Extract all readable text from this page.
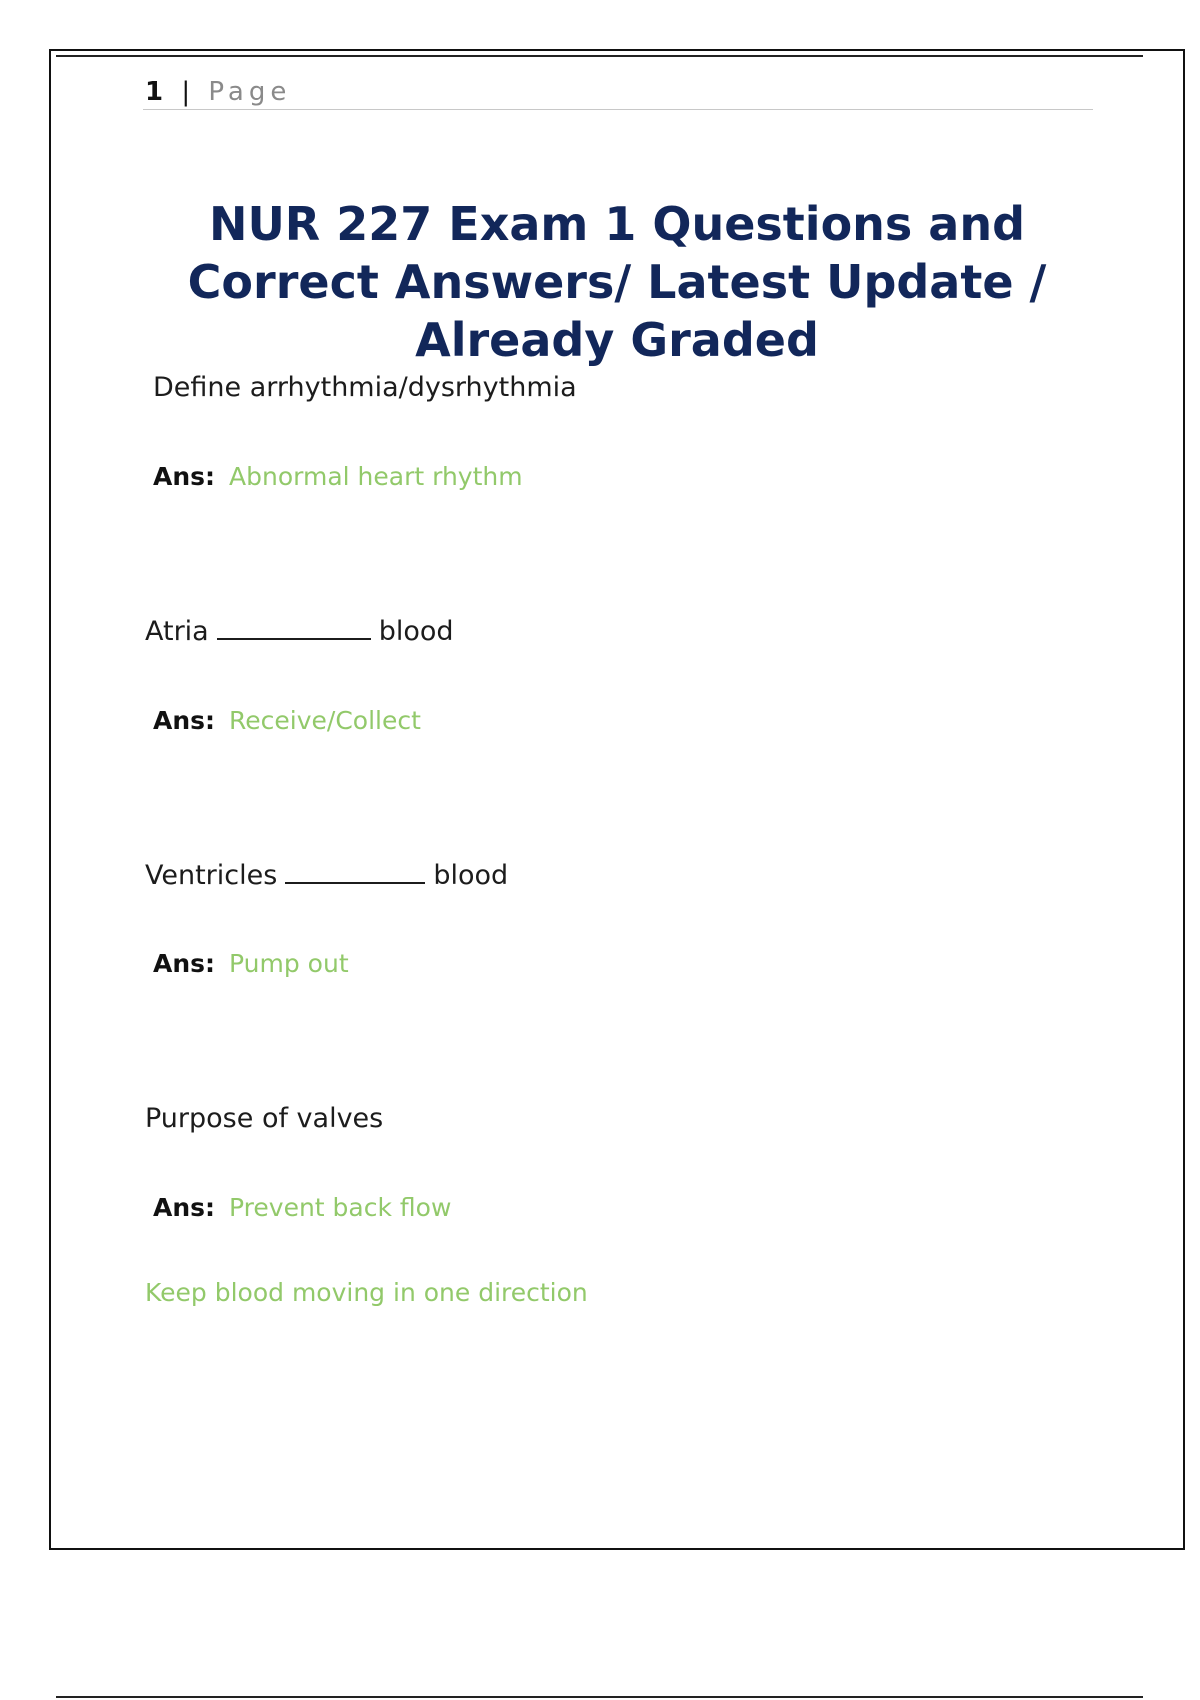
1 | Page
NUR 227 Exam 1 Questions and Correct Answers/ Latest Update / Already Graded
Define arrhythmia/dysrhythmia
Ans: Abnormal heart rhythm
Atria	blood
Ans: Receive/Collect
Ventricles	blood
Ans: Pump out
Purpose of valves
Ans: Prevent back flow
Keep blood moving in one direction
